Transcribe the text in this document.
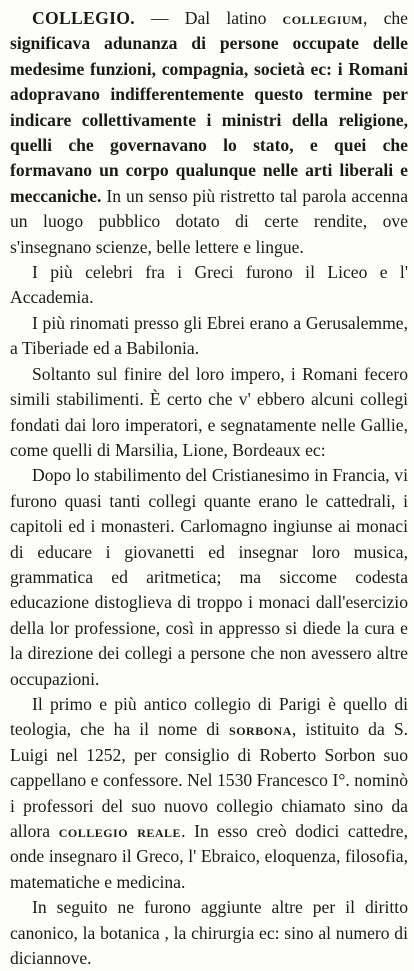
COLLEGIO. — Dal latino collegium, che significava adunanza di persone occupate delle medesime funzioni, compagnia, società ec: i Romani adopravano indifferentemente questo termine per indicare collettivamente i ministri della religione, quelli che governavano lo stato, e quei che formavano un corpo qualunque nelle arti liberali e meccaniche. In un senso più ristretto tal parola accenna un luogo pubblico dotato di certe rendite, ove s'insegnano scienze, belle lettere e lingue.

I più celebri fra i Greci furono il Liceo e l' Accademia.

I più rinomati presso gli Ebrei erano a Gerusalemme, a Tiberiade ed a Babilonia.

Soltanto sul finire del loro impero, i Romani fecero simili stabilimenti. È certo che v' ebbero alcuni collegi fondati dai loro imperatori, e segnatamente nelle Gallie, come quelli di Marsilia, Lione, Bordeaux ec:

Dopo lo stabilimento del Cristianesimo in Francia, vi furono quasi tanti collegi quante erano le cattedrali, i capitoli ed i monasteri. Carlomagno ingiunse ai monaci di educare i giovanetti ed insegnar loro musica, grammatica ed aritmetica; ma siccome codesta educazione distoglieva di troppo i monaci dall'esercizio della lor professione, così in appresso si diede la cura e la direzione dei collegi a persone che non avessero altre occupazioni.

Il primo e più antico collegio di Parigi è quello di teologia, che ha il nome di sorbona, istituito da S. Luigi nel 1252, per consiglio di Roberto Sorbon suo cappellano e confessore. Nel 1530 Francesco I°. nominò i professori del suo nuovo collegio chiamato sino da allora collegio reale. In esso creò dodici cattedre, onde insegnaro il Greco, l' Ebraico, eloquenza, filosofia, matematiche e medicina.

In seguito ne furono aggiunte altre per il diritto canonico, la botanica , la chirurgia ec: sino al numero di diciannove.
